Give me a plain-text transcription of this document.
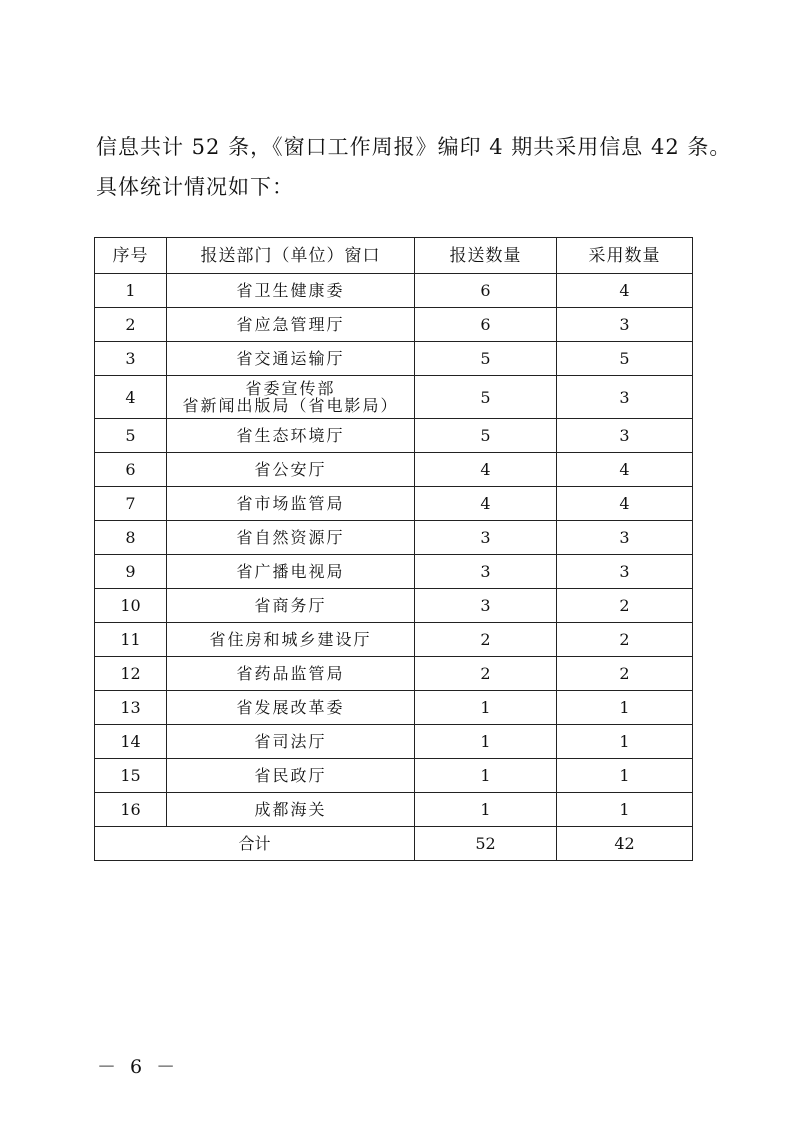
信息共计 52 条，《窗口工作周报》编印 4 期共采用信息 42 条。
具体统计情况如下：
序号	报送部门（单位）窗口	报送数量	采用数量
1	省卫生健康委	6	4
2	省应急管理厅	6	3
3	省交通运输厅	5	5
4	省委宣传部
省新闻出版局（省电影局）	5	3
5	省生态环境厅	5	3
6	省公安厅	4	4
7	省市场监管局	4	4
8	省自然资源厅	3	3
9	省广播电视局	3	3
10	省商务厅	3	2
11	省住房和城乡建设厅	2	2
12	省药品监管局	2	2
13	省发展改革委	1	1
14	省司法厅	1	1
15	省民政厅	1	1
16	成都海关	1	1
合计		52	42
－ 6 －
